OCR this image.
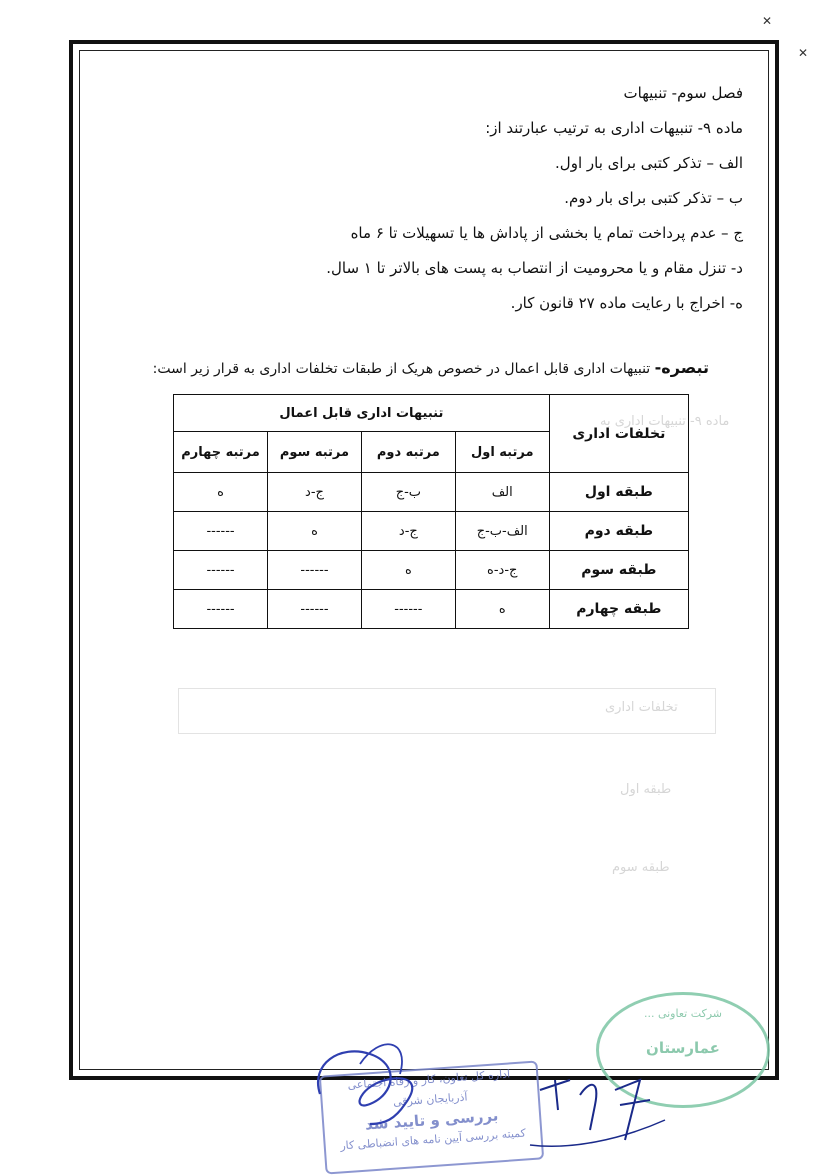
✕
✕
ماده ۹- تنبیهات اداری به
تخلفات اداری
طبقه اول
طبقه سوم

فصل سوم- تنبیهات

ماده ۹- تنبیهات اداری به ترتیب عبارتند از:

الف – تذکر کتبی برای بار اول.

ب – تذکر کتبی برای بار دوم.

ج – عدم پرداخت تمام یا بخشی از پاداش ها یا تسهیلات تا ۶ ماه

د- تنزل مقام و یا محرومیت از انتصاب به پست های بالاتر تا ۱ سال.

ه- اخراج با رعایت ماده ۲۷ قانون کار.

تبصره- تنبیهات اداری قابل اعمال در خصوص هریک از طبقات تخلفات اداری به قرار زیر است:
تخلفات اداری	تنبیهات اداری قابل اعمال			
	مرتبه اول	مرتبه دوم	مرتبه سوم	مرتبه چهارم
طبقه اول	الف	ب-ج	ج-د	ه
طبقه دوم	الف-ب-ج	ج-د	ه	------
طبقه سوم	ج-د-ه	ه	------	------
طبقه چهارم	ه	------	------	------
شرکت تعاونی ...
عمارستان
اداره کل تعاون، کار و رفاه اجتماعی
آذربایجان شرقی
بررسی و تایید شد
کمیته بررسی آیین نامه های انضباطی کار
